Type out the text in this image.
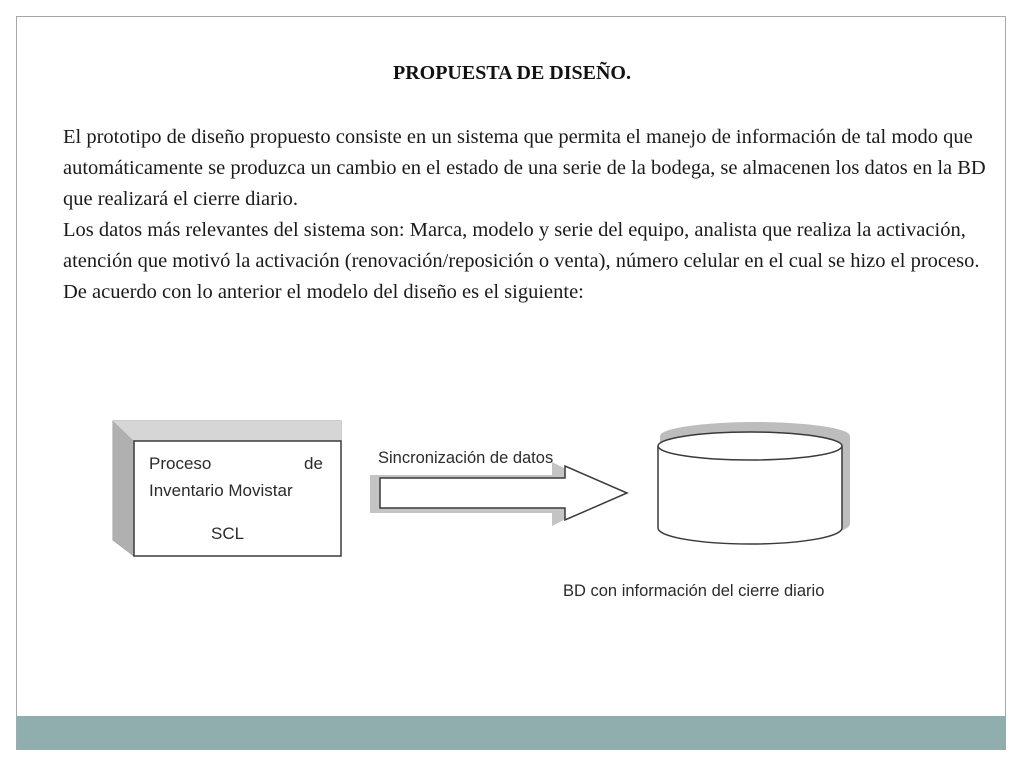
PROPUESTA DE DISEÑO.

El prototipo de diseño propuesto consiste en un sistema que permita el manejo de información de tal modo que automáticamente se produzca un cambio en el estado de una serie de la bodega, se almacenen los datos en la BD que realizará el cierre diario.

Los datos más relevantes del sistema son: Marca, modelo y serie del equipo, analista que realiza la activación, atención que motivó la activación (renovación/reposición o venta), número celular en el cual se hizo el proceso.

De acuerdo con lo anterior el modelo del diseño es el siguiente:

Proceso	de
Inventario Movistar
SCL
Sincronización de datos
BD con información del cierre diario
